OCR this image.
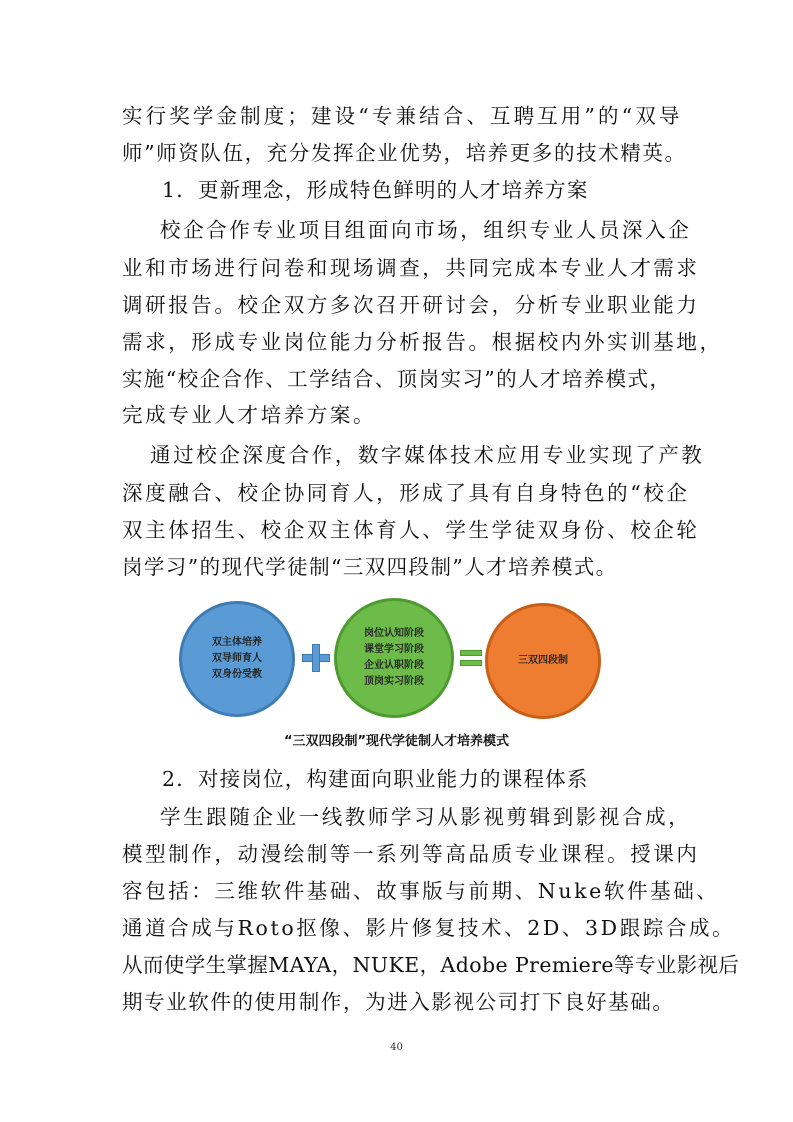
实行奖学金制度；建设“专兼结合、互聘互用”的“双导
师”师资队伍，充分发挥企业优势，培养更多的技术精英。
1．更新理念，形成特色鲜明的人才培养方案
校企合作专业项目组面向市场，组织专业人员深入企
业和市场进行问卷和现场调查，共同完成本专业人才需求
调研报告。校企双方多次召开研讨会，分析专业职业能力
需求，形成专业岗位能力分析报告。根据校内外实训基地，
实施“校企合作、工学结合、顶岗实习”的人才培养模式，
完成专业人才培养方案。
通过校企深度合作，数字媒体技术应用专业实现了产教
深度融合、校企协同育人，形成了具有自身特色的“校企
双主体招生、校企双主体育人、学生学徒双身份、校企轮
岗学习”的现代学徒制“三双四段制”人才培养模式。
双主体培养
双导师育人
双身份受教
岗位认知阶段
课堂学习阶段
企业认职阶段
顶岗实习阶段
三双四段制
“三双四段制”现代学徒制人才培养模式
2．对接岗位，构建面向职业能力的课程体系
学生跟随企业一线教师学习从影视剪辑到影视合成，
模型制作，动漫绘制等一系列等高品质专业课程。授课内
容包括：三维软件基础、故事版与前期、Nuke软件基础、
通道合成与Roto抠像、影片修复技术、2D、3D跟踪合成。
从而使学生掌握MAYA，NUKE，Adobe Premiere等专业影视后
期专业软件的使用制作，为进入影视公司打下良好基础。
40
